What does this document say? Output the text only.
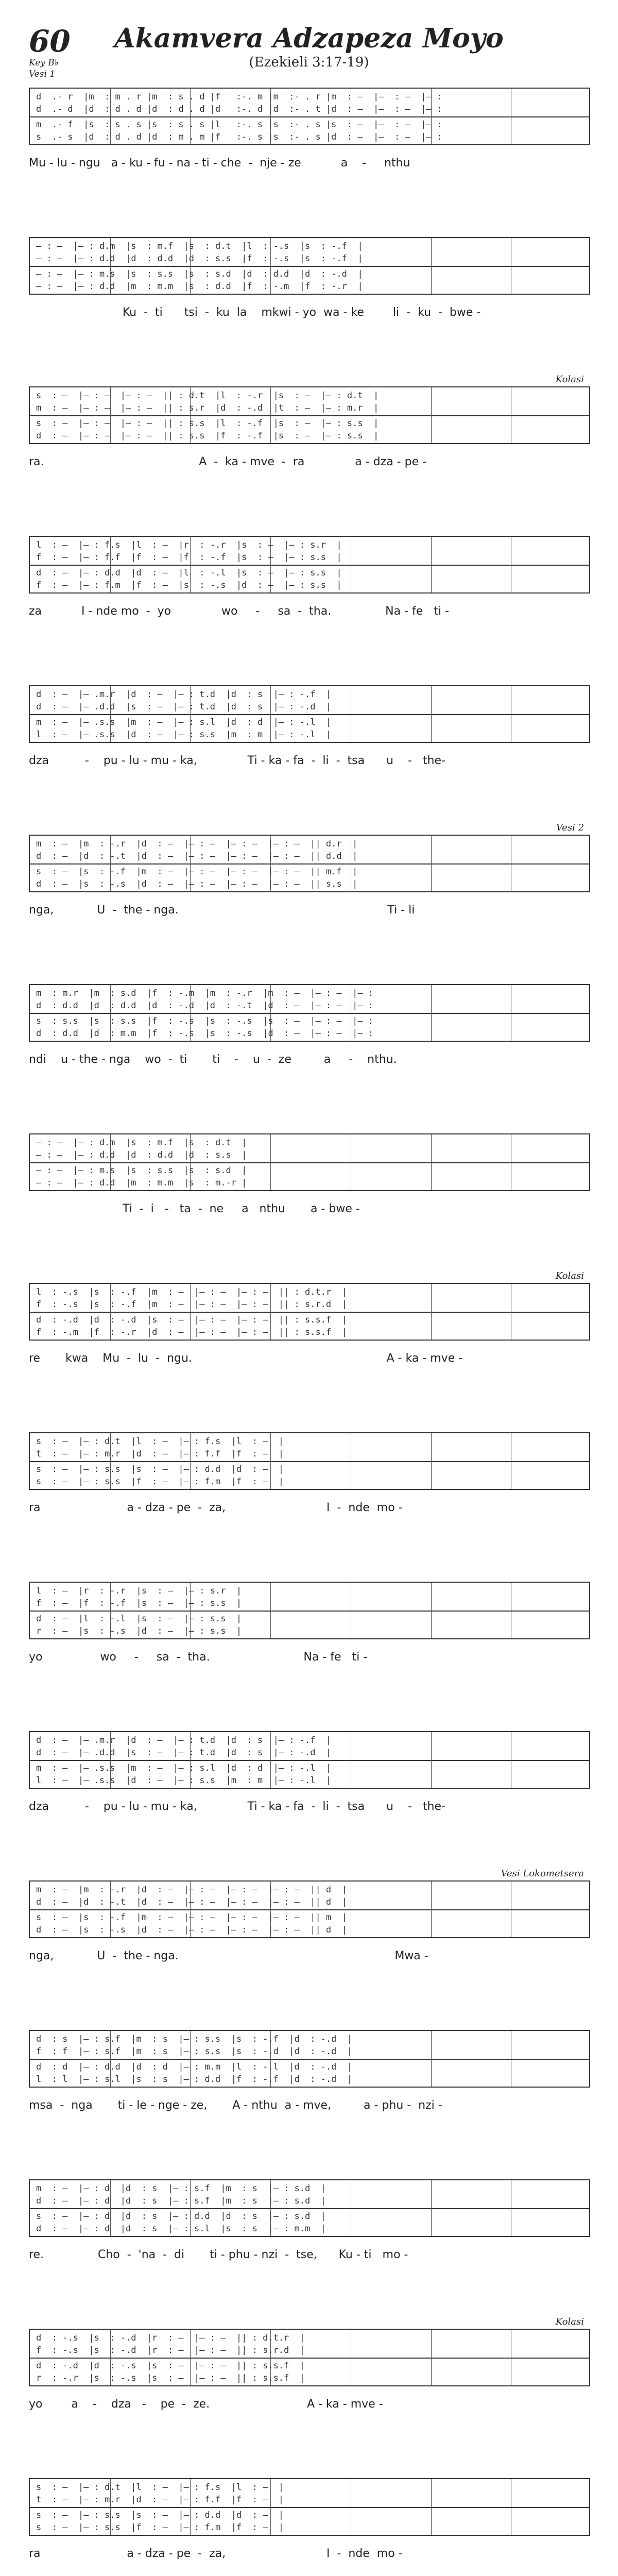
60	Akamvera Adzapeza Moyo
(Ezekieli 3:17-19)
Key B♭
Vesi 1
d  .- r  |m  : m . r |m  : s . d |f   :-. m |m  :- . r |m  : —  |—  : —  |— :
d  .- d  |d  : d . d |d  : d . d |d   :-. d |d  :- . t |d  : —  |—  : —  |— :
m  .- f  |s  : s . s |s  : s . s |l   :-. s |s  :- . s |s  : —  |—  : —  |— :
s  .- s  |d  : d . d |d  : m . m |f   :-. s |s  :- . s |d  : —  |—  : —  |— :
Mu - lu - ngu   a - ku - fu - na - ti - che  -  nje - ze           a    -     nthu
— : —  |— : d.m  |s  : m.f  |s  : d.t  |l  : -.s  |s  : -.f  |
— : —  |— : d.d  |d  : d.d  |d  : s.s  |f  : -.s  |s  : -.f  |
— : —  |— : m.s  |s  : s.s  |s  : s.d  |d  : d.d  |d  : -.d  |
— : —  |— : d.d  |m  : m.m  |s  : d.d  |f  : -.m  |f  : -.r  |
Ku  -  ti      tsi  -  ku  la    mkwi - yo  wa - ke        li  -  ku  -  bwe -
Kolasi
s  : —  |— : —  |— : —  || : d.t  |l  : -.r  |s  : —  |— : d.t  |
m  : —  |— : —  |— : —  || : s.r  |d  : -.d  |t  : —  |— : m.r  |
s  : —  |— : —  |— : —  || : s.s  |l  : -.f  |s  : —  |— : s.s  |
d  : —  |— : —  |— : —  || : s.s  |f  : -.f  |s  : —  |— : s.s  |
ra.                                           A  -  ka - mve  -  ra              a - dza - pe -
l  : —  |— : f.s  |l  : —  |r  : -.r  |s  : —  |— : s.r  |
f  : —  |— : f.f  |f  : —  |f  : -.f  |s  : —  |— : s.s  |
d  : —  |— : d.d  |d  : —  |l  : -.l  |s  : —  |— : s.s  |
f  : —  |— : f.m  |f  : —  |s  : -.s  |d  : —  |— : s.s  |
za           I - nde mo  -  yo              wo     -     sa  -  tha.               Na - fe   ti -
d  : —  |— .m.r  |d  : —  |— : t.d  |d  : s  |— : -.f  |
d  : —  |— .d.d  |s  : —  |— : t.d  |d  : s  |— : -.d  |
m  : —  |— .s.s  |m  : —  |— : s.l  |d  : d  |— : -.l  |
l  : —  |— .s.s  |d  : —  |— : s.s  |m  : m  |— : -.l  |
dza          -    pu - lu - mu - ka,              Ti - ka - fa  -  li  -  tsa      u    -   the-
Vesi 2
m  : —  |m  : -.r  |d  : —  |— : —  |— : —  |— : —  || d.r  |
d  : —  |d  : -.t  |d  : —  |— : —  |— : —  |— : —  || d.d  |
s  : —  |s  : -.f  |m  : —  |— : —  |— : —  |— : —  || m.f  |
d  : —  |s  : -.s  |d  : —  |— : —  |— : —  |— : —  || s.s  |
nga,            U  -  the - nga.                                                          Ti - li
m  : m.r  |m  : s.d  |f  : -.m  |m  : -.r  |m  : —  |— : —  |— :
d  : d.d  |d  : d.d  |d  : -.d  |d  : -.t  |d  : —  |— : —  |— :
s  : s.s  |s  : s.s  |f  : -.s  |s  : -.s  |s  : —  |— : —  |— :
d  : d.d  |d  : m.m  |f  : -.s  |s  : -.s  |d  : —  |— : —  |— :
ndi    u - the - nga    wo  -  ti       ti    -    u  -  ze         a     -    nthu.
— : —  |— : d.m  |s  : m.f  |s  : d.t  |
— : —  |— : d.d  |d  : d.d  |d  : s.s  |
— : —  |— : m.s  |s  : s.s  |s  : s.d  |
— : —  |— : d.d  |m  : m.m  |s  : m.-r |
Ti  -  i   -   ta  -  ne     a   nthu       a - bwe -
Kolasi
l  : -.s  |s  : -.f  |m  : —  |— : —  |— : —  || : d.t.r  |
f  : -.s  |s  : -.f  |m  : —  |— : —  |— : —  || : s.r.d  |
d  : -.d  |d  : -.d  |s  : —  |— : —  |— : —  || : s.s.f  |
f  : -.m  |f  : -.r  |d  : —  |— : —  |— : —  || : s.s.f  |
re       kwa    Mu  -  lu  -  ngu.                                                      A - ka - mve -
s  : —  |— : d.t  |l  : —  |— : f.s  |l  : —  |
t  : —  |— : m.r  |d  : —  |— : f.f  |f  : —  |
s  : —  |— : s.s  |s  : —  |— : d.d  |d  : —  |
s  : —  |— : s.s  |f  : —  |— : f.m  |f  : —  |
ra                        a - dza - pe  -  za,                            I  -  nde  mo -
l  : —  |r  : -.r  |s  : —  |— : s.r  |
f  : —  |f  : -.f  |s  : —  |— : s.s  |
d  : —  |l  : -.l  |s  : —  |— : s.s  |
r  : —  |s  : -.s  |d  : —  |— : s.s  |
yo                wo     -     sa  -  tha.                          Na - fe   ti -
d  : —  |— .m.r  |d  : —  |— : t.d  |d  : s  |— : -.f  |
d  : —  |— .d.d  |s  : —  |— : t.d  |d  : s  |— : -.d  |
m  : —  |— .s.s  |m  : —  |— : s.l  |d  : d  |— : -.l  |
l  : —  |— .s.s  |d  : —  |— : s.s  |m  : m  |— : -.l  |
dza          -    pu - lu - mu - ka,              Ti - ka - fa  -  li  -  tsa      u    -   the-
Vesi Lokometsera
m  : —  |m  : -.r  |d  : —  |— : —  |— : —  |— : —  || d  |
d  : —  |d  : -.t  |d  : —  |— : —  |— : —  |— : —  || d  |
s  : —  |s  : -.f  |m  : —  |— : —  |— : —  |— : —  || m  |
d  : —  |s  : -.s  |d  : —  |— : —  |— : —  |— : —  || d  |
nga,            U  -  the - nga.                                                            Mwa -
d  : s  |— : s.f  |m  : s  |— : s.s  |s  : -.f  |d  : -.d  |
f  : f  |— : s.f  |m  : s  |— : s.s  |s  : -.d  |d  : -.d  |
d  : d  |— : d.d  |d  : d  |— : m.m  |l  : -.l  |d  : -.d  |
l  : l  |— : s.l  |s  : s  |— : d.d  |f  : -.f  |d  : -.d  |
msa  -  nga       ti - le - nge - ze,       A - nthu  a - mve,         a - phu -  nzi -
m  : —  |— : d  |d  : s  |— : s.f  |m  : s  |— : s.d  |
d  : —  |— : d  |d  : s  |— : s.f  |m  : s  |— : s.d  |
s  : —  |— : d  |d  : s  |— : d.d  |d  : s  |— : s.d  |
d  : —  |— : d  |d  : s  |— : s.l  |s  : s  |— : m.m  |
re.               Cho  -  'na  -  di       ti - phu - nzi  -  tse,      Ku - ti   mo -
Kolasi
d  : -.s  |s  : -.d  |r  : —  |— : —  || : d.t.r  |
f  : -.s  |s  : -.d  |r  : —  |— : —  || : s.r.d  |
d  : -.d  |d  : -.s  |s  : —  |— : —  || : s.s.f  |
r  : -.r  |s  : -.s  |s  : —  |— : —  || : s.s.f  |
yo        a    -    dza   -    pe  -  ze.                           A - ka - mve -
s  : —  |— : d.t  |l  : —  |— : f.s  |l  : —  |
t  : —  |— : m.r  |d  : —  |— : f.f  |f  : —  |
s  : —  |— : s.s  |s  : —  |— : d.d  |d  : —  |
s  : —  |— : s.s  |f  : —  |— : f.m  |f  : —  |
ra                        a - dza - pe  -  za,                            I  -  nde  mo -
